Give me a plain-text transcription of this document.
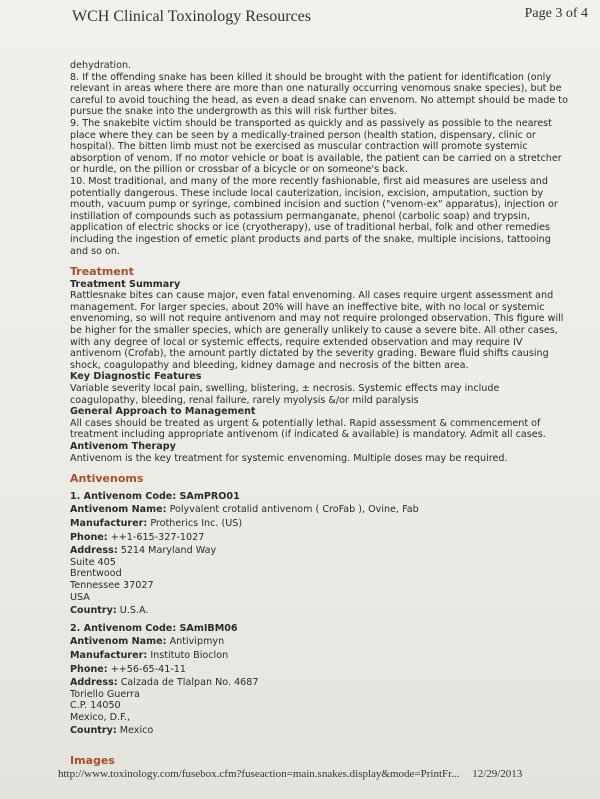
WCH Clinical Toxinology Resources	Page 3 of 4

dehydration.

8. If the offending snake has been killed it should be brought with the patient for identification (only relevant in areas where there are more than one naturally occurring venomous snake species), but be careful to avoid touching the head, as even a dead snake can envenom. No attempt should be made to pursue the snake into the undergrowth as this will risk further bites.

9. The snakebite victim should be transported as quickly and as passively as possible to the nearest place where they can be seen by a medically-trained person (health station, dispensary, clinic or hospital). The bitten limb must not be exercised as muscular contraction will promote systemic absorption of venom. If no motor vehicle or boat is available, the patient can be carried on a stretcher or hurdle, on the pillion or crossbar of a bicycle or on someone's back.

10. Most traditional, and many of the more recently fashionable, first aid measures are useless and potentially dangerous. These include local cauterization, incision, excision, amputation, suction by mouth, vacuum pump or syringe, combined incision and suction ("venom-ex" apparatus), injection or instillation of compounds such as potassium permanganate, phenol (carbolic soap) and trypsin, application of electric shocks or ice (cryotherapy), use of traditional herbal, folk and other remedies including the ingestion of emetic plant products and parts of the snake, multiple incisions, tattooing and so on.

Treatment
Treatment Summary

Rattlesnake bites can cause major, even fatal envenoming. All cases require urgent assessment and management. For larger species, about 20% will have an ineffective bite, with no local or systemic envenoming, so will not require antivenom and may not require prolonged observation. This figure will be higher for the smaller species, which are generally unlikely to cause a severe bite. All other cases, with any degree of local or systemic effects, require extended observation and may require IV antivenom (Crofab), the amount partly dictated by the severity grading. Beware fluid shifts causing shock, coagulopathy and bleeding, kidney damage and necrosis of the bitten area.

Key Diagnostic Features

Variable severity local pain, swelling, blistering, ± necrosis. Systemic effects may include coagulopathy, bleeding, renal failure, rarely myolysis &/or mild paralysis

General Approach to Management

All cases should be treated as urgent & potentially lethal. Rapid assessment & commencement of treatment including appropriate antivenom (if indicated & available) is mandatory. Admit all cases.

Antivenom Therapy

Antivenom is the key treatment for systemic envenoming. Multiple doses may be required.

Antivenoms
1. Antivenom Code: SAmPRO01
Antivenom Name: Polyvalent crotalid antivenom ( CroFab ), Ovine, Fab
Manufacturer: Protherics Inc. (US)
Phone: ++1-615-327-1027
Address: 5214 Maryland Way
Suite 405
Brentwood
Tennessee 37027
USA
Country: U.S.A.
2. Antivenom Code: SAmIBM06
Antivenom Name: Antivipmyn
Manufacturer: Instituto Bioclon
Phone: ++56-65-41-11
Address: Calzada de Tlalpan No. 4687
Toriello Guerra
C.P. 14050
Mexico, D.F.,
Country: Mexico
Images
http://www.toxinology.com/fusebox.cfm?fuseaction=main.snakes.display&mode=PrintFr... 12/29/2013
